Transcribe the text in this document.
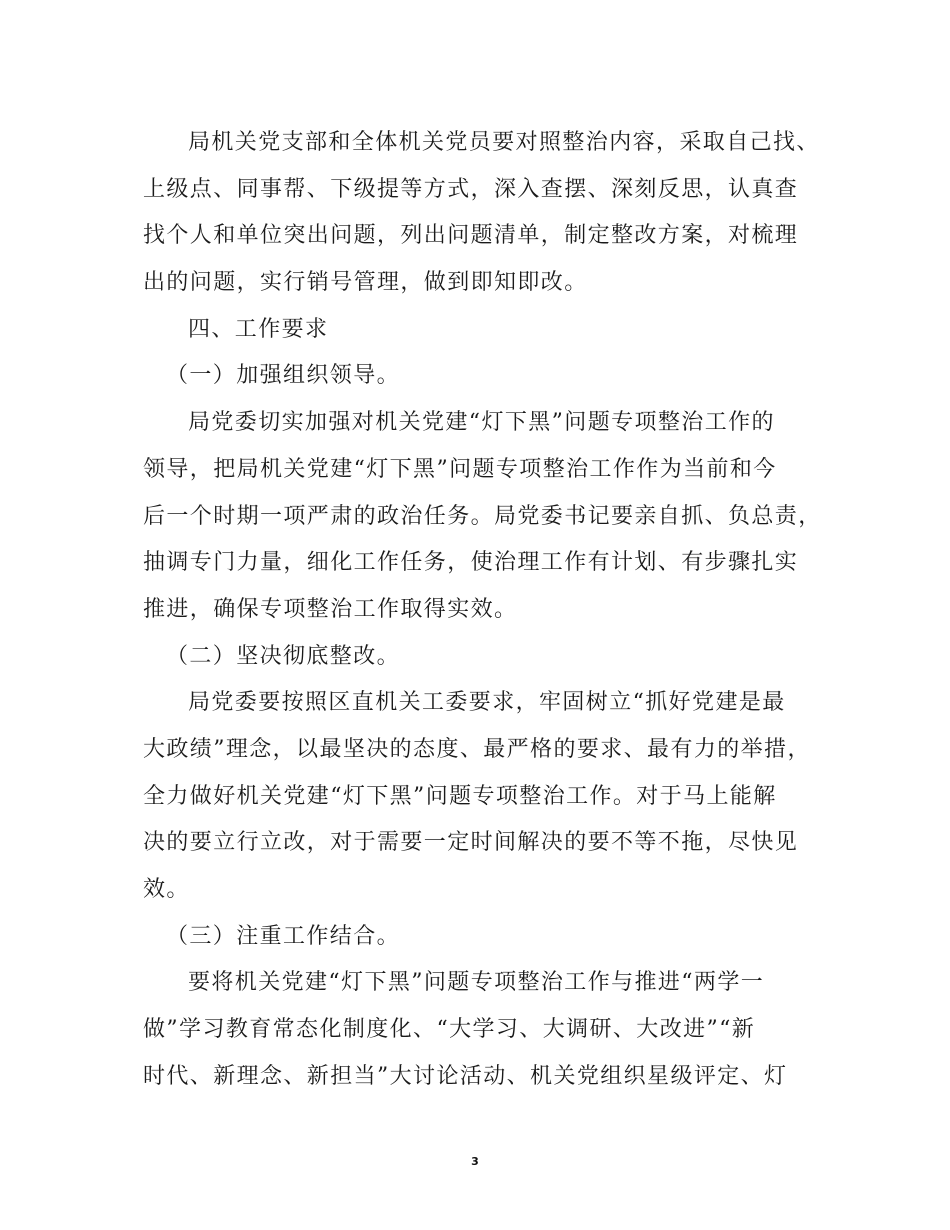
局机关党支部和全体机关党员要对照整治内容，采取自己找、
上级点、同事帮、下级提等方式，深入查摆、深刻反思，认真查
找个人和单位突出问题，列出问题清单，制定整改方案，对梳理
出的问题，实行销号管理，做到即知即改。
四、工作要求
（一）加强组织领导。
局党委切实加强对机关党建“灯下黑”问题专项整治工作的
领导，把局机关党建“灯下黑”问题专项整治工作作为当前和今
后一个时期一项严肃的政治任务。局党委书记要亲自抓、负总责，
抽调专门力量，细化工作任务，使治理工作有计划、有步骤扎实
推进，确保专项整治工作取得实效。
（二）坚决彻底整改。
局党委要按照区直机关工委要求，牢固树立“抓好党建是最
大政绩”理念，以最坚决的态度、最严格的要求、最有力的举措，
全力做好机关党建“灯下黑”问题专项整治工作。对于马上能解
决的要立行立改，对于需要一定时间解决的要不等不拖，尽快见
效。
（三）注重工作结合。
要将机关党建“灯下黑”问题专项整治工作与推进“两学一
做”学习教育常态化制度化、“大学习、大调研、大改进”“新
时代、新理念、新担当”大讨论活动、机关党组织星级评定、灯
3
